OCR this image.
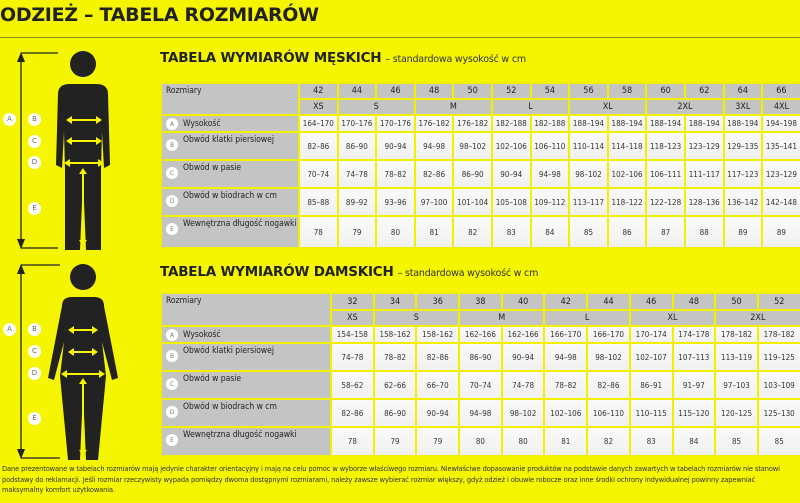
ODZIEŻ – TABELA ROZMIARÓW
A	B
C
D
E
A	B
C
D
E
TABELA WYMIARÓW MĘSKICH – standardowa wysokość w cm
Rozmiary	42	44	46	48	50	52	54	56	58	60	62	64	66
	XS	S		M		L		XL		2XL		3XL	4XL

A Wysokość	164–170	170–176	170–176	176–182	176–182	182–188	182–188	188–194	188–194	188–194	188–194	188–194	194–198

B Obwód klatki piersiowej	82–86	86–90	90–94	94–98	98–102	102–106	106–110	110–114	114–118	118–123	123–129	129–135	135–141

C Obwód w pasie	70–74	74–78	78–82	82–86	86–90	90–94	94–98	98–102	102–106	106–111	111–117	117–123	123–129

D Obwód w biodrach w cm	85–88	89–92	93–96	97–100	101–104	105–108	109–112	113–117	118–122	122–128	128–136	136–142	142–148

E Wewnętrzna długość nogawki	78	79	80	81	82	83	84	85	86	87	88	89	89
TABELA WYMIARÓW DAMSKICH – standardowa wysokość w cm
Rozmiary	32	34	36	38	40	42	44	46	48	50	52
	XS	S		M		L		XL		2XL	

A Wysokość	154–158	158–162	158–162	162–166	162–166	166–170	166–170	170–174	174–178	178–182	178–182

B Obwód klatki piersiowej	74–78	78–82	82–86	86–90	90–94	94–98	98–102	102–107	107–113	113–119	119–125

C Obwód w pasie	58–62	62–66	66–70	70–74	74–78	78–82	82–86	86–91	91–97	97–103	103–109

D Obwód w biodrach w cm	82–86	86–90	90–94	94–98	98–102	102–106	106–110	110–115	115–120	120–125	125–130

E Wewnętrzna długość nogawki	78	79	79	80	80	81	82	83	84	85	85
Dane prezentowane w tabelach rozmiarów mają jedynie charakter orientacyjny i mają na celu pomoc w wyborze właściwego rozmiaru. Niewłaściwe dopasowanie produktów na podstawie danych zawartych w tabelach rozmiarów nie stanowi podstawy do reklamacji. Jeśli rozmiar rzeczywisty wypada pomiędzy dwoma dostępnymi rozmiarami, należy zawsze wybierać rozmiar większy, gdyż odzież i obuwie robocze oraz inne środki ochrony indywidualnej powinny zapewniać maksymalny komfort użytkowania.
